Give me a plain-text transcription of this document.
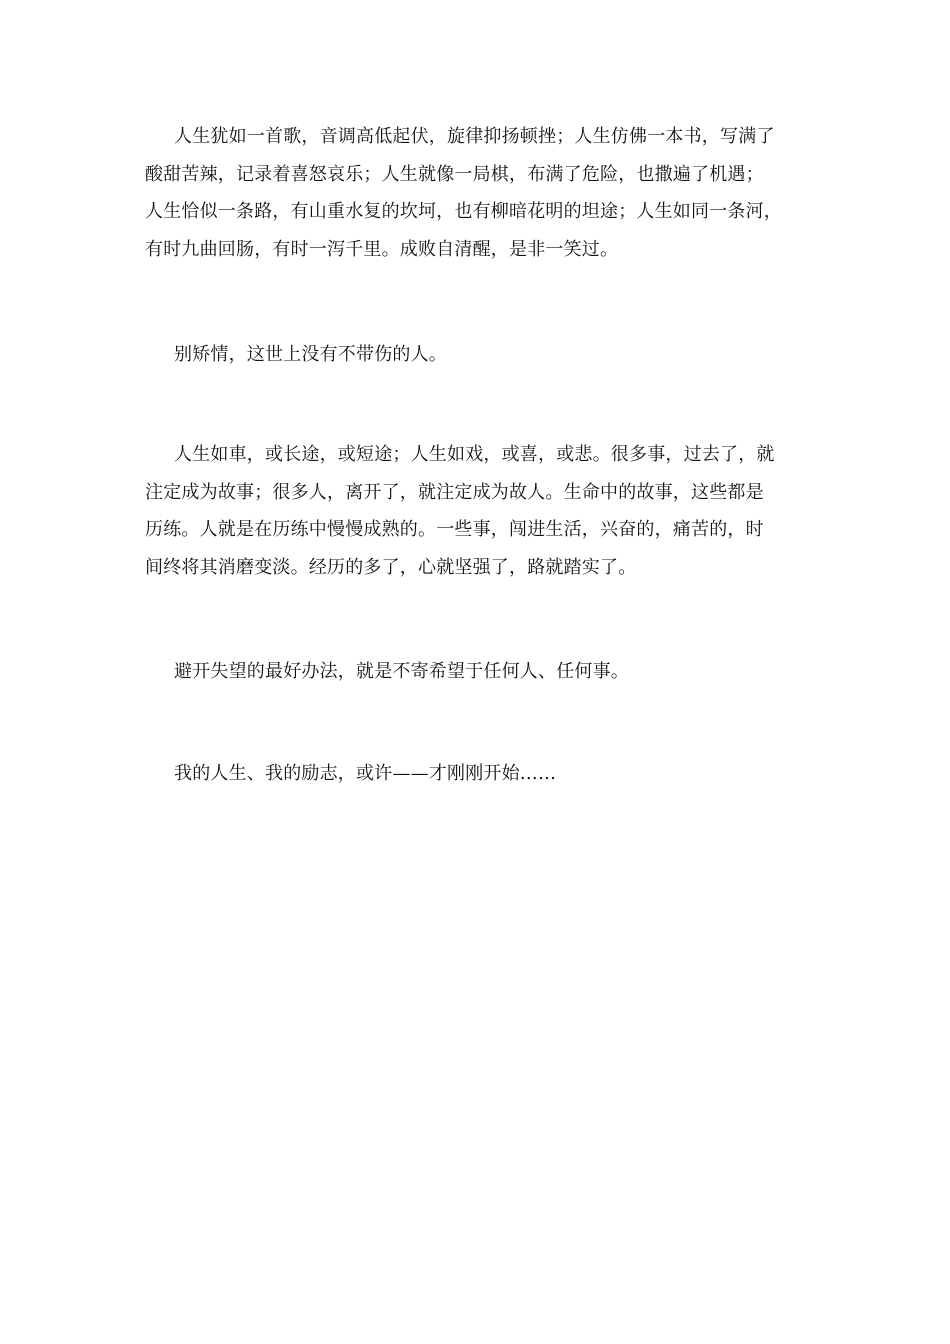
人生犹如一首歌，音调高低起伏，旋律抑扬顿挫；人生仿佛一本书，写满了
酸甜苦辣，记录着喜怒哀乐；人生就像一局棋，布满了危险，也撒遍了机遇；
人生恰似一条路，有山重水复的坎坷，也有柳暗花明的坦途；人生如同一条河，
有时九曲回肠，有时一泻千里。成败自清醒，是非一笑过。
别矫情，这世上没有不带伤的人。
人生如車，或长途，或短途；人生如戏，或喜，或悲。很多事，过去了，就
注定成为故事；很多人，离开了，就注定成为故人。生命中的故事，这些都是
历练。人就是在历练中慢慢成熟的。一些事，闯进生活，兴奋的，痛苦的，时
间终将其消磨变淡。经历的多了，心就坚强了，路就踏实了。
避开失望的最好办法，就是不寄希望于任何人、任何事。
我的人生、我的励志，或许——才刚刚开始……
